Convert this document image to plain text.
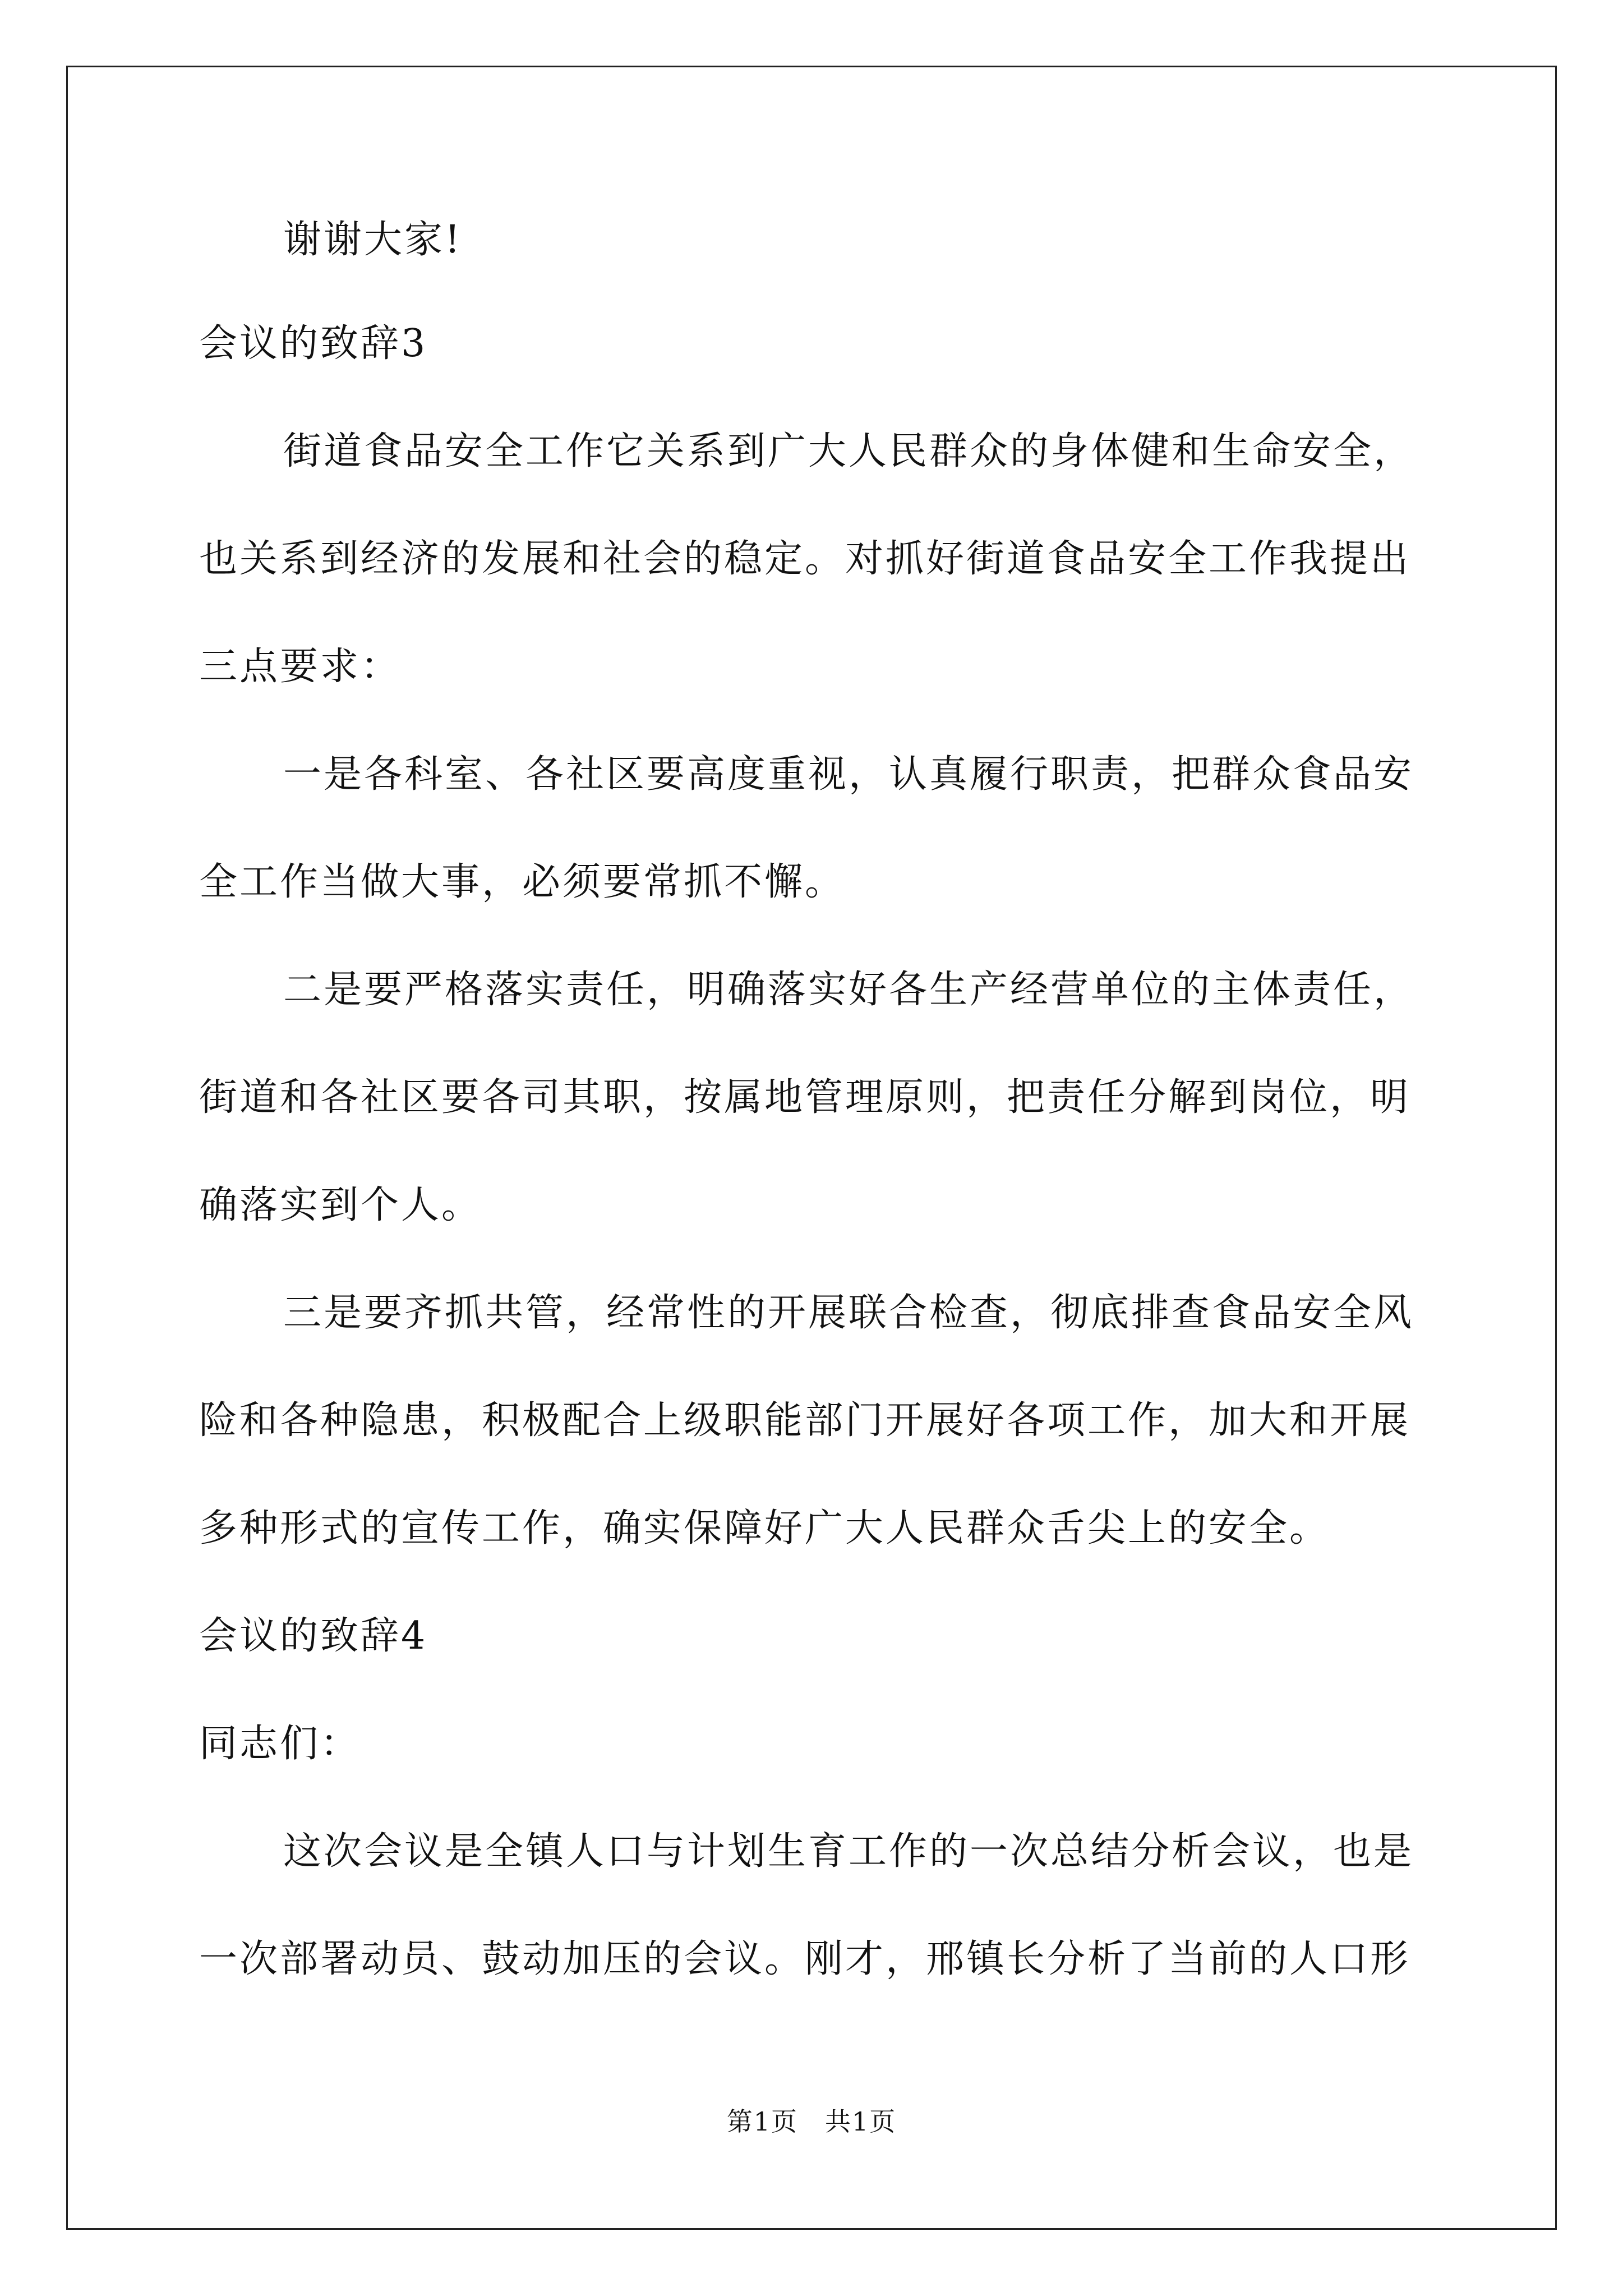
谢谢大家!

会议的致辞3

街道食品安全工作它关系到广大人民群众的身体健和生命安全，

也关系到经济的发展和社会的稳定。对抓好街道食品安全工作我提出

三点要求：

一是各科室、各社区要高度重视，认真履行职责，把群众食品安

全工作当做大事，必须要常抓不懈。

二是要严格落实责任，明确落实好各生产经营单位的主体责任，

街道和各社区要各司其职，按属地管理原则，把责任分解到岗位，明

确落实到个人。

三是要齐抓共管，经常性的开展联合检查，彻底排查食品安全风

险和各种隐患，积极配合上级职能部门开展好各项工作，加大和开展

多种形式的宣传工作，确实保障好广大人民群众舌尖上的安全。

会议的致辞4

同志们：

这次会议是全镇人口与计划生育工作的一次总结分析会议，也是

一次部署动员、鼓动加压的会议。刚才，邢镇长分析了当前的人口形

第1页　共1页
